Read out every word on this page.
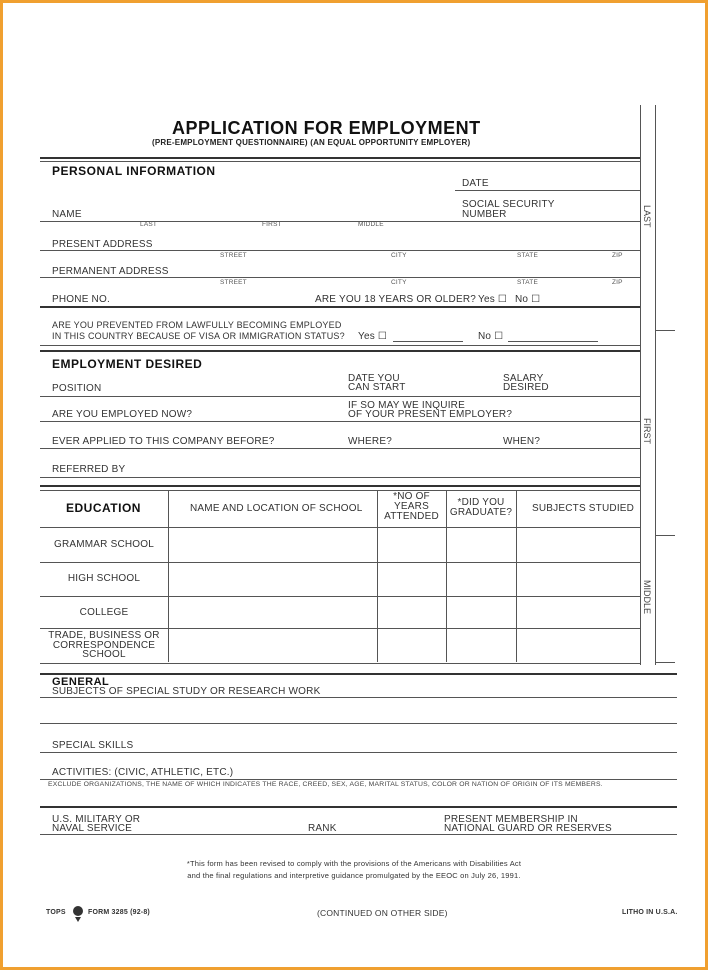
APPLICATION FOR EMPLOYMENT
(PRE-EMPLOYMENT QUESTIONNAIRE) (AN EQUAL OPPORTUNITY EMPLOYER)
LAST
FIRST
MIDDLE
PERSONAL INFORMATION
DATE
SOCIAL SECURITY
NUMBER
NAME
LAST	FIRST	MIDDLE
PRESENT ADDRESS
STREET	CITY	STATE	ZIP
PERMANENT ADDRESS
STREET	CITY	STATE	ZIP
PHONE NO.	ARE YOU 18 YEARS OR OLDER? Yes ☐ No ☐
ARE YOU PREVENTED FROM LAWFULLY BECOMING EMPLOYED
IN THIS COUNTRY BECAUSE OF VISA OR IMMIGRATION STATUS? Yes ☐	No ☐
EMPLOYMENT DESIRED
DATE YOU
CAN START
SALARY
DESIRED
POSITION
IF SO MAY WE INQUIRE
OF YOUR PRESENT EMPLOYER?
ARE YOU EMPLOYED NOW?
EVER APPLIED TO THIS COMPANY BEFORE?	WHERE?	WHEN?
REFERRED BY
EDUCATION	NAME AND LOCATION OF SCHOOL
*NO OF
YEARS
ATTENDED
*DID YOU
GRADUATE?	SUBJECTS STUDIED
GRAMMAR SCHOOL
HIGH SCHOOL
COLLEGE
TRADE, BUSINESS OR
CORRESPONDENCE
SCHOOL
GENERAL
SUBJECTS OF SPECIAL STUDY OR RESEARCH WORK
SPECIAL SKILLS
ACTIVITIES: (CIVIC, ATHLETIC, ETC.)
EXCLUDE ORGANIZATIONS, THE NAME OF WHICH INDICATES THE RACE, CREED, SEX, AGE, MARITAL STATUS, COLOR OR NATION OF ORIGIN OF ITS MEMBERS.
U.S. MILITARY OR
NAVAL SERVICE	RANK
PRESENT MEMBERSHIP IN
NATIONAL GUARD OR RESERVES
*This form has been revised to comply with the provisions of the Americans with Disabilities Act
and the final regulations and interpretive guidance promulgated by the EEOC on July 26, 1991.
TOPS	FORM 3285 (92-8)	(CONTINUED ON OTHER SIDE)	LITHO IN U.S.A.
